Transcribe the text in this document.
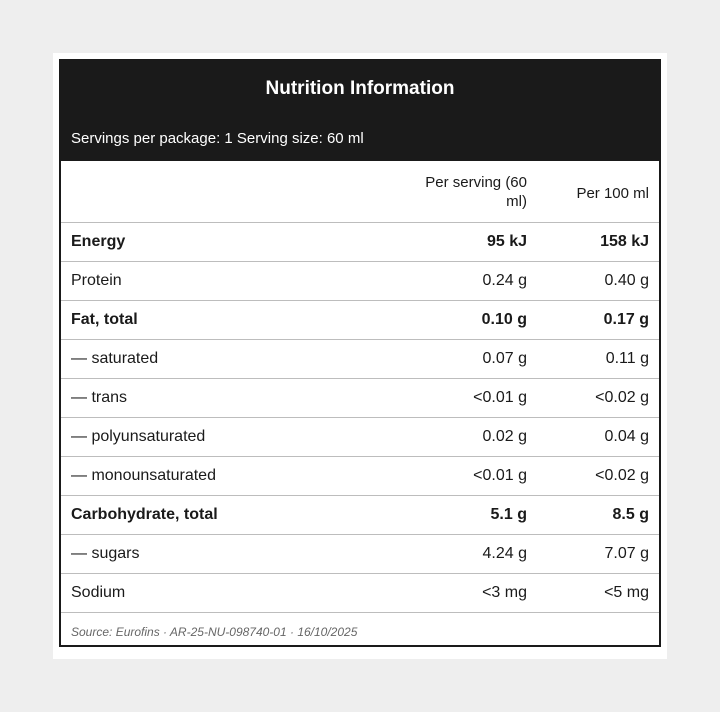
Nutrition Information
Servings per package: 1 Serving size: 60 ml
	Per serving (60 ml)	Per 100 ml
Energy	95 kJ	158 kJ
Protein	0.24 g	0.40 g
Fat, total	0.10 g	0.17 g
— saturated	0.07 g	0.11 g
— trans	<0.01 g	<0.02 g
— polyunsaturated	0.02 g	0.04 g
— monounsaturated	<0.01 g	<0.02 g
Carbohydrate, total	5.1 g	8.5 g
— sugars	4.24 g	7.07 g
Sodium	<3 mg	<5 mg
Source: Eurofins · AR-25-NU-098740-01 · 16/10/2025
